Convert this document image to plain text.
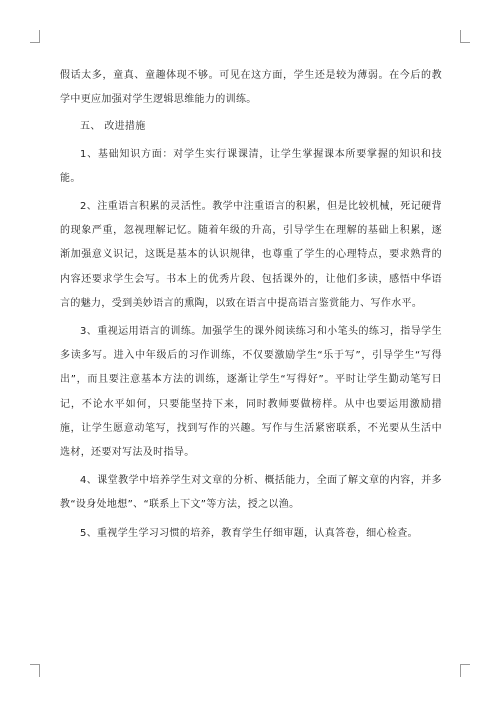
假话太多，童真、童趣体现不够。可见在这方面，学生还是较为薄弱。在今后的教学中更应加强对学生逻辑思维能力的训练。

五、 改进措施

1、基础知识方面：对学生实行课课清，让学生掌握课本所要掌握的知识和技能。

2、注重语言积累的灵活性。教学中注重语言的积累，但是比较机械，死记硬背的现象严重，忽视理解记忆。随着年级的升高，引导学生在理解的基础上积累，逐渐加强意义识记，这既是基本的认识规律，也尊重了学生的心理特点，要求熟背的内容还要求学生会写。书本上的优秀片段、包括课外的，让他们多读，感悟中华语言的魅力，受到美妙语言的熏陶，以致在语言中提高语言鉴赏能力、写作水平。

3、重视运用语言的训练。加强学生的课外阅读练习和小笔头的练习，指导学生多读多写。进入中年级后的习作训练，不仅要激励学生“乐于写”，引导学生“写得出”，而且要注意基本方法的训练，逐渐让学生“写得好”。平时让学生勤动笔写日记，不论水平如何，只要能坚持下来，同时教师要做榜样。从中也要运用激励措施，让学生愿意动笔写，找到写作的兴趣。写作与生活紧密联系，不光要从生活中选材，还要对写法及时指导。

4、课堂教学中培养学生对文章的分析、概括能力，全面了解文章的内容，并多教“设身处地想”、“联系上下文”等方法，授之以渔。

5、重视学生学习习惯的培养，教育学生仔细审题，认真答卷，细心检查。
